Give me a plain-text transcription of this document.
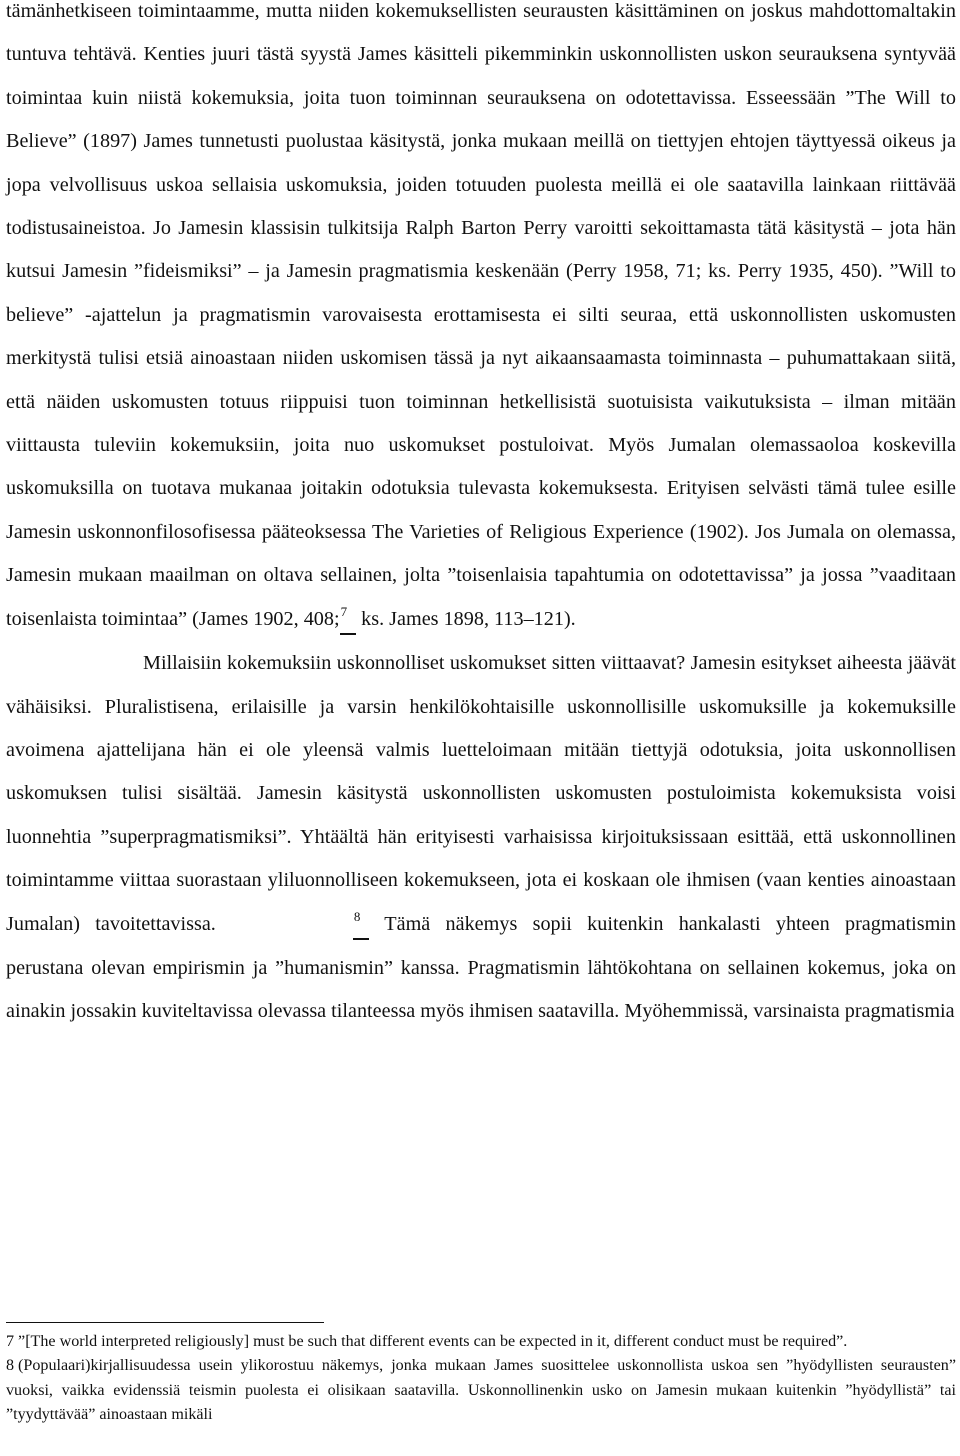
tämänhetkiseen toimintaamme, mutta niiden kokemuksellisten seurausten käsittäminen on joskus mahdottomaltakin tuntuva tehtävä. Kenties juuri tästä syystä James käsitteli pikemminkin uskonnollisten uskon seurauksena syntyvää toimintaa kuin niistä kokemuksia, joita tuon toiminnan seurauksena on odotettavissa. Esseessään ”The Will to Believe” (1897) James tunnetusti puolustaa käsitystä, jonka mukaan meillä on tiettyjen ehtojen täyttyessä oikeus ja jopa velvollisuus uskoa sellaisia uskomuksia, joiden totuuden puolesta meillä ei ole saatavilla lainkaan riittävää todistusaineistoa. Jo Jamesin klassisin tulkitsija Ralph Barton Perry varoitti sekoittamasta tätä käsitystä – jota hän kutsui Jamesin ”fideismiksi” – ja Jamesin pragmatismia keskenään (Perry 1958, 71; ks. Perry 1935, 450). ”Will to believe” -ajattelun ja pragmatismin varovaisesta erottamisesta ei silti seuraa, että uskonnollisten uskomusten merkitystä tulisi etsiä ainoastaan niiden uskomisen tässä ja nyt aikaansaamasta toiminnasta – puhumattakaan siitä, että näiden uskomusten totuus riippuisi tuon toiminnan hetkellisistä suotuisista vaikutuksista – ilman mitään viittausta tuleviin kokemuksiin, joita nuo uskomukset postuloivat. Myös Jumalan olemassaoloa koskevilla uskomuksilla on tuotava mukanaa joitakin odotuksia tulevasta kokemuksesta. Erityisen selvästi tämä tulee esille Jamesin uskonnonfilosofisessa pääteoksessa The Varieties of Religious Experience (1902). Jos Jumala on olemassa, Jamesin mukaan maailman on oltava sellainen, jolta ”toisenlaisia tapahtumia on odotettavissa” ja jossa ”vaaditaan toisenlaista toimintaa” (James 1902, 408;7 ks. James 1898, 113–121).

Millaisiin kokemuksiin uskonnolliset uskomukset sitten viittaavat? Jamesin esitykset aiheesta jäävät vähäisiksi. Pluralistisena, erilaisille ja varsin henkilökohtaisille uskonnollisille uskomuksille ja kokemuksille avoimena ajattelijana hän ei ole yleensä valmis luetteloimaan mitään tiettyjä odotuksia, joita uskonnollisen uskomuksen tulisi sisältää. Jamesin käsitystä uskonnollisten uskomusten postuloimista kokemuksista voisi luonnehtia ”superpragmatismiksi”. Yhtäältä hän erityisesti varhaisissa kirjoituksissaan esittää, että uskonnollinen toimintamme viittaa suorastaan yliluonnolliseen kokemukseen, jota ei koskaan ole ihmisen (vaan kenties ainoastaan Jumalan) tavoitettavissa.	8 Tämä näkemys sopii kuitenkin hankalasti yhteen pragmatismin perustana olevan empirismin ja ”humanismin” kanssa. Pragmatismin lähtökohtana on sellainen kokemus, joka on ainakin jossakin kuviteltavissa olevassa tilanteessa myös ihmisen saatavilla. Myöhemmissä, varsinaista pragmatismia

7 ”[The world interpreted religiously] must be such that different events can be expected in it, different conduct must be required”.

8 (Populaari)kirjallisuudessa usein ylikorostuu näkemys, jonka mukaan James suosittelee uskonnollista uskoa sen ”hyödyllisten seurausten” vuoksi, vaikka evidenssiä teismin puolesta ei olisikaan saatavilla. Uskonnollinenkin usko on Jamesin mukaan kuitenkin ”hyödyllistä” tai ”tyydyttävää” ainoastaan mikäli
